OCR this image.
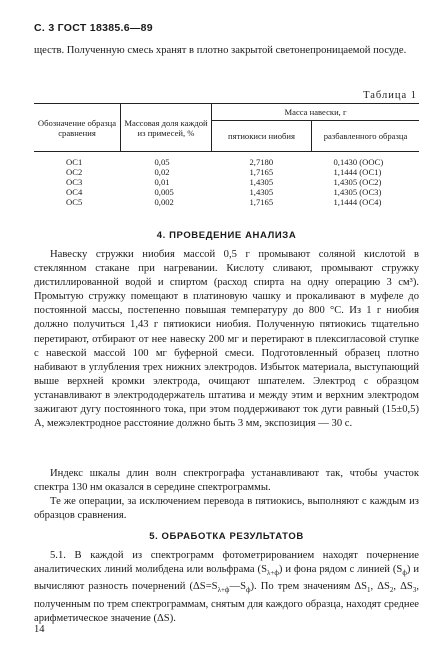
С. 3 ГОСТ 18385.6—89
ществ. Полученную смесь хранят в плотно закрытой светонепроницаемой посуде.
Таблица 1
Обозначение образца сравнения	Массовая доля каждой из примесей, %	Масса навески, г	
		пятиокиси ниобия	разбавленного образца

ОС1	0,05	2,7180	0,1430 (ООС)
ОС2	0,02	1,7165	1,1444 (ОС1)
ОС3	0,01	1,4305	1,4305 (ОС2)
ОС4	0,005	1,4305	1,4305 (ОС3)
ОС5	0,002	1,7165	1,1444 (ОС4)
4. ПРОВЕДЕНИЕ АНАЛИЗА
Навеску стружки ниобия массой 0,5 г промывают соляной кислотой в стеклянном стакане при нагревании. Кислоту сливают, промывают стружку дистиллированной водой и спиртом (расход спирта на одну операцию 3 см³). Промытую стружку помещают в платиновую чашку и прокаливают в муфеле до постоянной массы, постепенно повышая температуру до 800 °С. Из 1 г ниобия должно получиться 1,43 г пятиокиси ниобия. Полученную пятиокись тщательно перетирают, отбирают от нее навеску 200 мг и перетирают в плексигласовой ступке с навеской массой 100 мг буферной смеси. Подготовленный образец плотно набивают в углубления трех нижних электродов. Избыток материала, выступающий выше верхней кромки электрода, очищают шпателем. Электрод с образцом устанавливают в электрододержатель штатива и между этим и верхним электродом зажигают дугу постоянного тока, при этом поддерживают ток дуги равный (15±0,5) А, межэлектродное расстояние должно быть 3 мм, экспозиция — 30 с.
Индекс шкалы длин волн спектрографа устанавливают так, чтобы участок спектра 130 нм оказался в середине спектрограммы.
Те же операции, за исключением перевода в пятиокись, выполняют с каждым из образцов сравнения.
5. ОБРАБОТКА РЕЗУЛЬТАТОВ
5.1. В каждой из спектрограмм фотометрированием находят почернение аналитических линий молибдена или вольфрама $(S_{\lambda+ф})$ и фона рядом с линией $(S_ф)$ и вычисляют разность почернений $(\Delta S=S_{\lambda+ф}—S_ф)$. По трем значениям $\Delta S_1$, $\Delta S_2$, $\Delta S_3$, полученным по трем спектрограммам, снятым для каждого образца, находят среднее арифметическое значение (ΔS).
14
